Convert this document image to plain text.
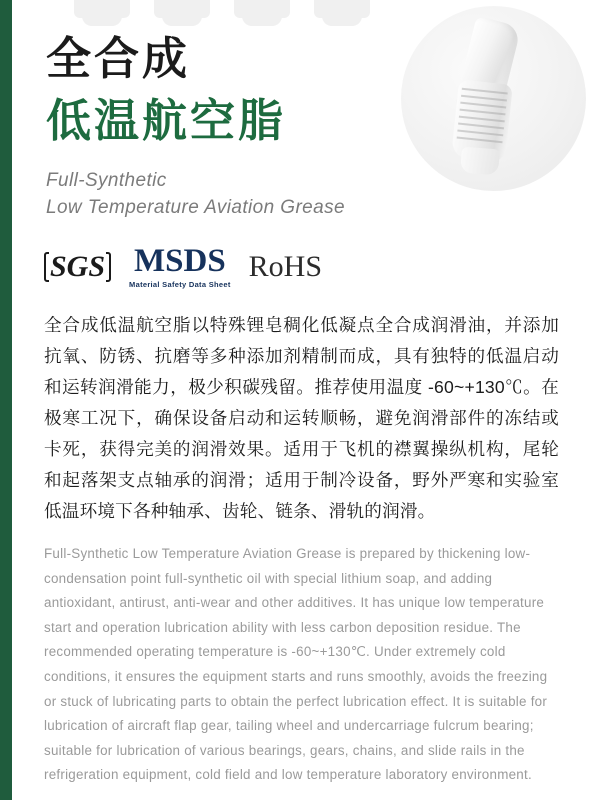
全合成
低温航空脂
Full-Synthetic
Low Temperature Aviation Grease
SGS MSDS
Material Safety Data Sheet
RoHS
全合成低温航空脂以特殊锂皂稠化低凝点全合成润滑油，并添加抗氧、防锈、抗磨等多种添加剂精制而成，具有独特的低温启动和运转润滑能力，极少积碳残留。推荐使用温度 -60~+130℃。在极寒工况下，确保设备启动和运转顺畅，避免润滑部件的冻结或卡死，获得完美的润滑效果。适用于飞机的襟翼操纵机构，尾轮和起落架支点轴承的润滑；适用于制冷设备，野外严寒和实验室低温环境下各种轴承、齿轮、链条、滑轨的润滑。
Full-Synthetic Low Temperature Aviation Grease is prepared by thickening low-condensation point full-synthetic oil with special lithium soap, and adding antioxidant, antirust, anti-wear and other additives. It has unique low temperature start and operation lubrication ability with less carbon deposition residue. The recommended operating temperature is -60~+130℃. Under extremely cold conditions, it ensures the equipment starts and runs smoothly, avoids the freezing or stuck of lubricating parts to obtain the perfect lubrication effect. It is suitable for lubrication of aircraft flap gear, tailing wheel and undercarriage fulcrum bearing; suitable for lubrication of various bearings, gears, chains, and slide rails in the refrigeration equipment, cold field and low temperature laboratory environment.
